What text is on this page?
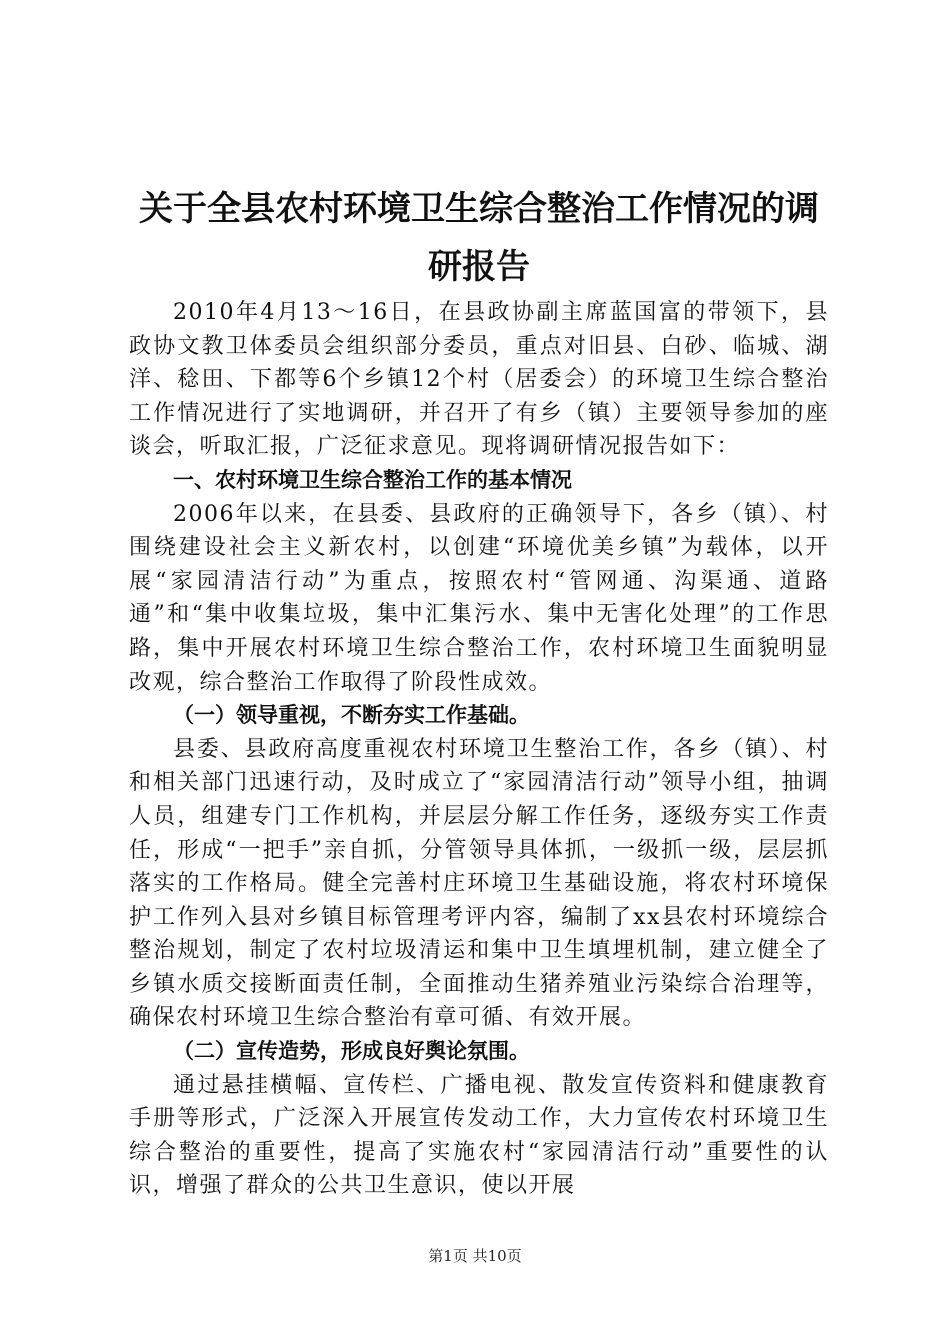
关于全县农村环境卫生综合整治工作情况的调研报告

2010年4月13～16日，在县政协副主席蓝国富的带领下，县政协文教卫体委员会组织部分委员，重点对旧县、白砂、临城、湖洋、稔田、下都等6个乡镇12个村（居委会）的环境卫生综合整治工作情况进行了实地调研，并召开了有乡（镇）主要领导参加的座谈会，听取汇报，广泛征求意见。现将调研情况报告如下：

一、农村环境卫生综合整治工作的基本情况

2006年以来，在县委、县政府的正确领导下，各乡（镇）、村围绕建设社会主义新农村，以创建“环境优美乡镇”为载体，以开展“家园清洁行动”为重点，按照农村“管网通、沟渠通、道路通”和“集中收集垃圾，集中汇集污水、集中无害化处理”的工作思路，集中开展农村环境卫生综合整治工作，农村环境卫生面貌明显改观，综合整治工作取得了阶段性成效。

（一）领导重视，不断夯实工作基础。

县委、县政府高度重视农村环境卫生整治工作，各乡（镇）、村和相关部门迅速行动，及时成立了“家园清洁行动”领导小组，抽调人员，组建专门工作机构，并层层分解工作任务，逐级夯实工作责任，形成“一把手”亲自抓，分管领导具体抓，一级抓一级，层层抓落实的工作格局。健全完善村庄环境卫生基础设施，将农村环境保护工作列入县对乡镇目标管理考评内容，编制了xx县农村环境综合整治规划，制定了农村垃圾清运和集中卫生填埋机制，建立健全了乡镇水质交接断面责任制，全面推动生猪养殖业污染综合治理等，确保农村环境卫生综合整治有章可循、有效开展。

（二）宣传造势，形成良好舆论氛围。

通过悬挂横幅、宣传栏、广播电视、散发宣传资料和健康教育手册等形式，广泛深入开展宣传发动工作，大力宣传农村环境卫生综合整治的重要性，提高了实施农村“家园清洁行动”重要性的认识，增强了群众的公共卫生意识，使以开展

第1页 共10页
